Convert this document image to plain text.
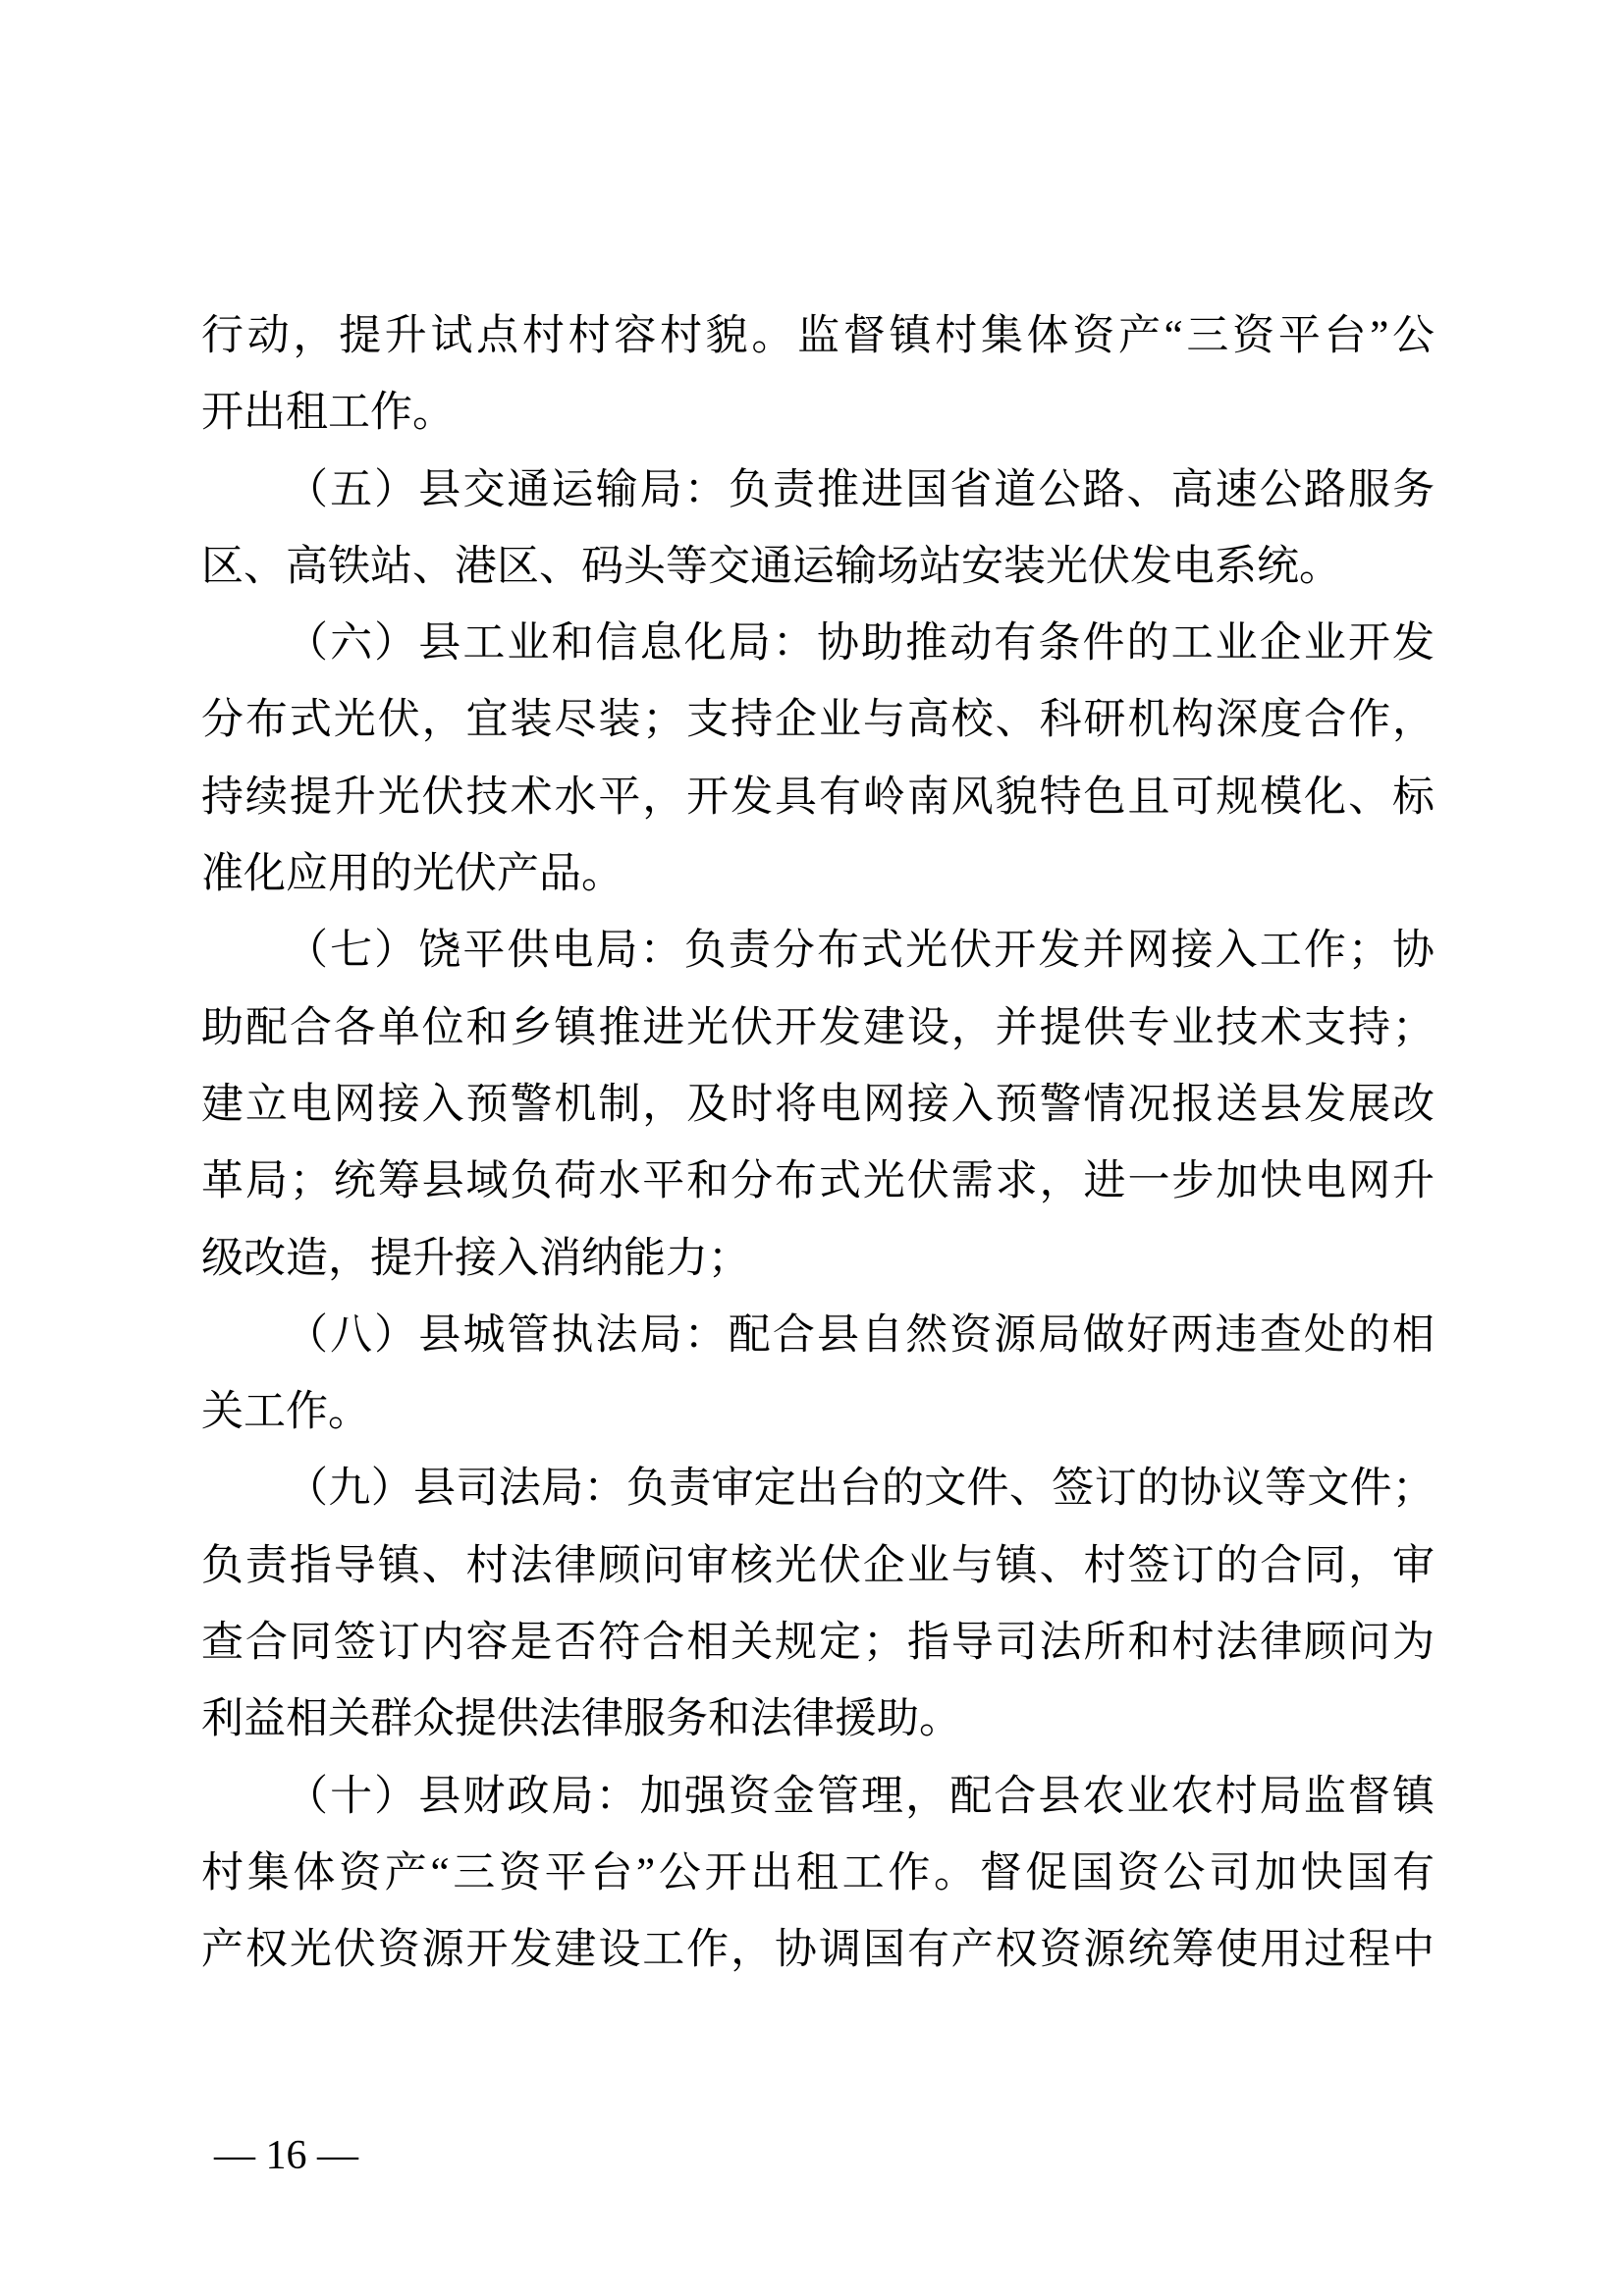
行动，提升试点村村容村貌。监督镇村集体资产“三资平台”公
开出租工作。
（五）县交通运输局：负责推进国省道公路、高速公路服务
区、高铁站、港区、码头等交通运输场站安装光伏发电系统。
（六）县工业和信息化局：协助推动有条件的工业企业开发
分布式光伏，宜装尽装；支持企业与高校、科研机构深度合作，
持续提升光伏技术水平，开发具有岭南风貌特色且可规模化、标
准化应用的光伏产品。
（七）饶平供电局：负责分布式光伏开发并网接入工作；协
助配合各单位和乡镇推进光伏开发建设，并提供专业技术支持；
建立电网接入预警机制，及时将电网接入预警情况报送县发展改
革局；统筹县域负荷水平和分布式光伏需求，进一步加快电网升
级改造，提升接入消纳能力；
（八）县城管执法局：配合县自然资源局做好两违查处的相
关工作。
（九）县司法局：负责审定出台的文件、签订的协议等文件；
负责指导镇、村法律顾问审核光伏企业与镇、村签订的合同，审
查合同签订内容是否符合相关规定；指导司法所和村法律顾问为
利益相关群众提供法律服务和法律援助。
（十）县财政局：加强资金管理，配合县农业农村局监督镇
村集体资产“三资平台”公开出租工作。督促国资公司加快国有
产权光伏资源开发建设工作，协调国有产权资源统筹使用过程中
— 16 —
